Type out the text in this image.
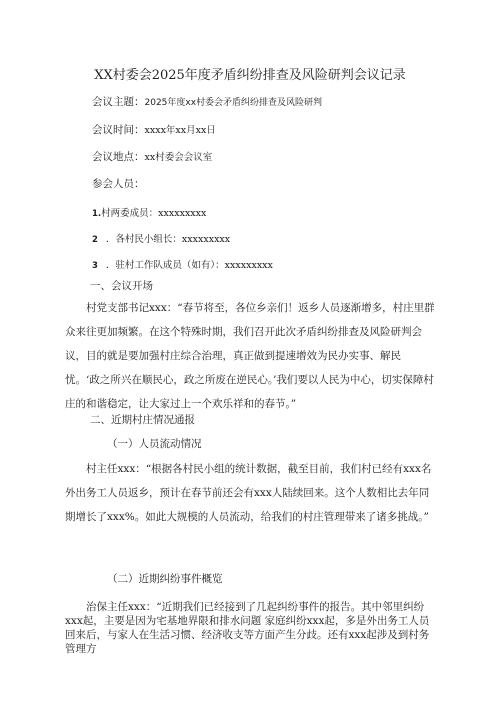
XX村委会2025年度矛盾纠纷排查及风险研判会议记录
会议主题：2025年度xx村委会矛盾纠纷排查及风险研判
会议时间：xxxx年xx月xx日
会议地点：xx村委会会议室
参会人员：
1.村两委成员：xxxxxxxxx
2 ．各村民小组长：xxxxxxxxx
3 ．驻村工作队成员（如有）：xxxxxxxxx
一、会议开场
村党支部书记xxx：“春节将至，各位乡亲们！返乡人员逐渐增多，村庄里群众来往更加频繁。在这个特殊时期，我们召开此次矛盾纠纷排查及风险研判会议，目的就是要加强村庄综合治理，真正做到提速增效为民办实事、解民忧。‘政之所兴在顺民心，政之所废在逆民心。’我们要以人民为中心，切实保障村庄的和谐稳定，让大家过上一个欢乐祥和的春节。”
二、近期村庄情况通报
（一）人员流动情况
村主任xxx：“根据各村民小组的统计数据，截至目前，我们村已经有xxx名外出务工人员返乡，预计在春节前还会有xxx人陆续回来。这个人数相比去年同期增长了xxx%。如此大规模的人员流动，给我们的村庄管理带来了诸多挑战。”
（二）近期纠纷事件概览
治保主任xxx：“近期我们已经接到了几起纠纷事件的报告。其中邻里纠纷xxx起，主要是因为宅基地界限和排水问题 家庭纠纷xxx起，多是外出务工人员回来后，与家人在生活习惯、经济收支等方面产生分歧。还有xxx起涉及到村务管理方
